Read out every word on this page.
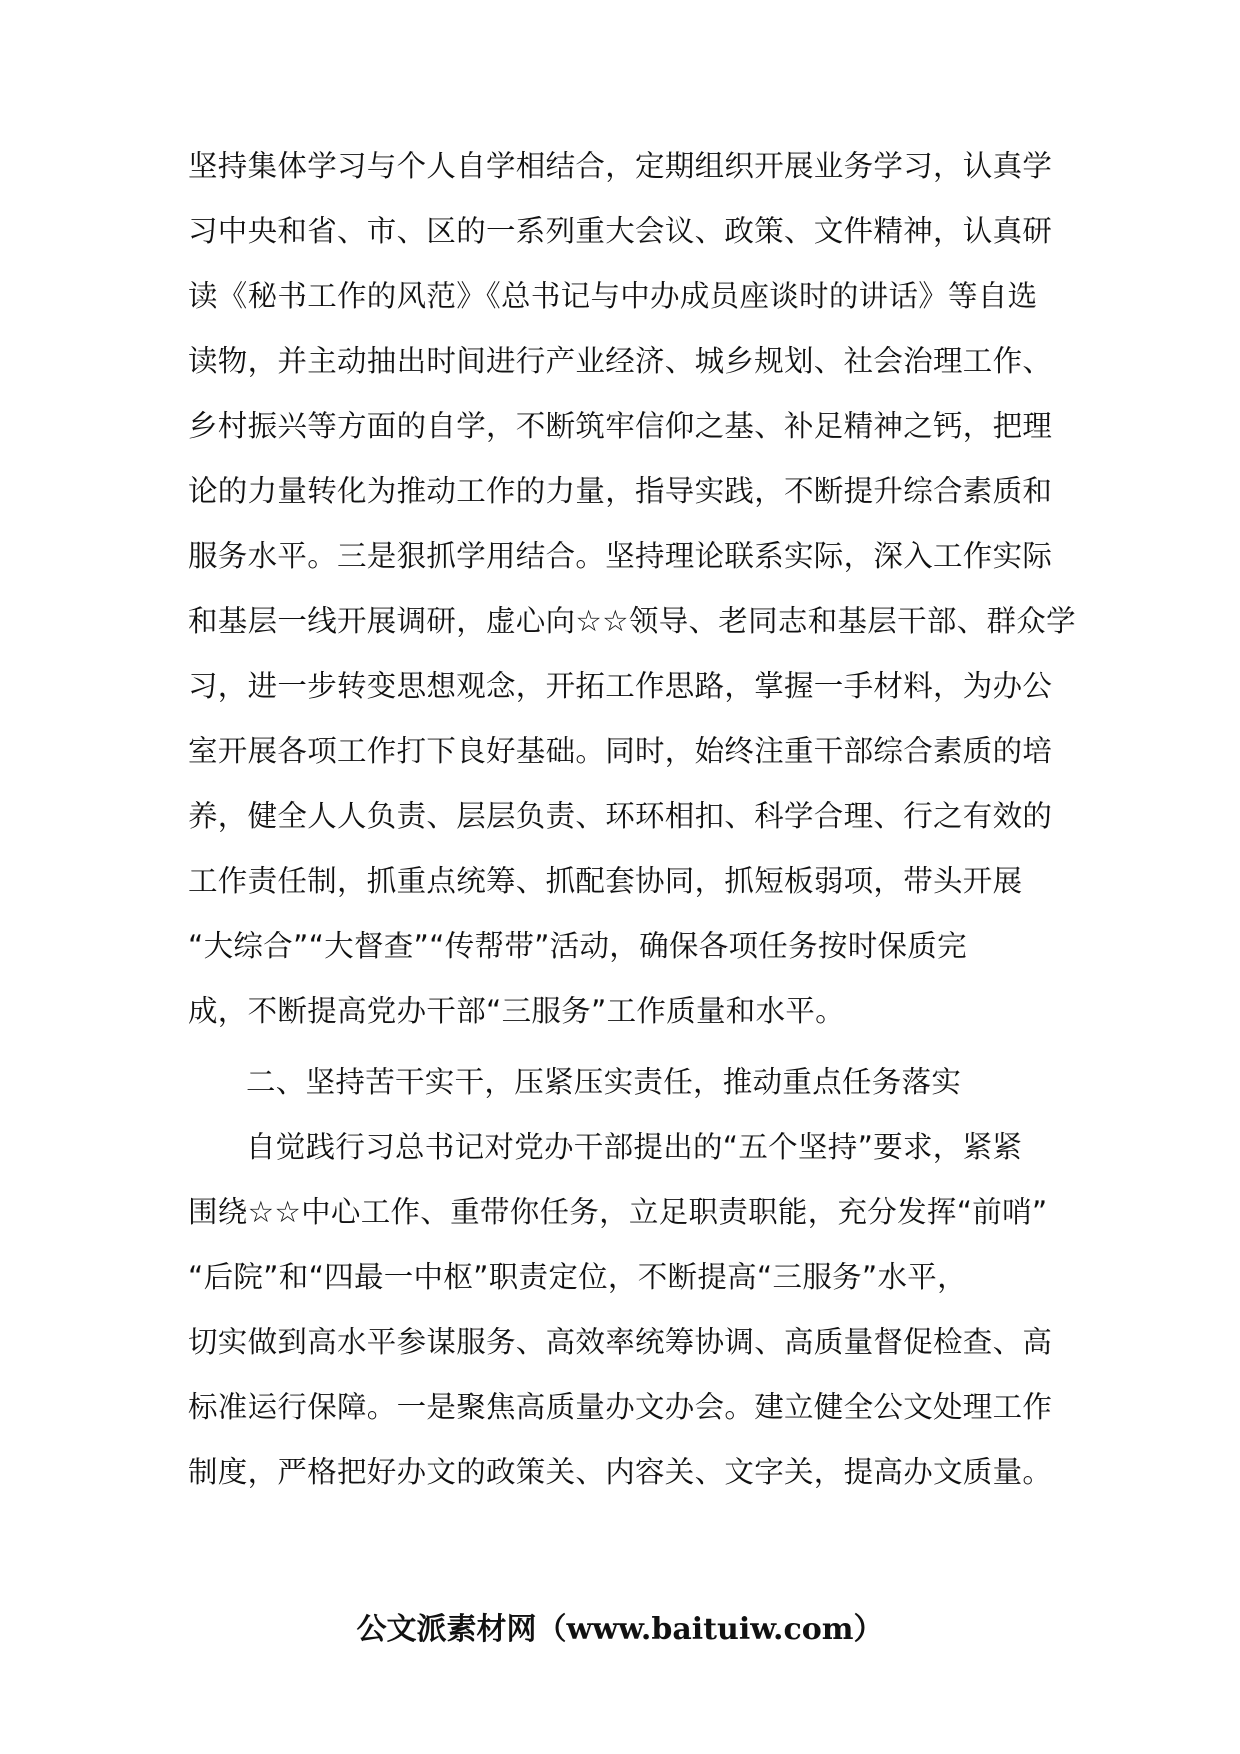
坚持集体学习与个人自学相结合，定期组织开展业务学习，认真学
习中央和省、市、区的一系列重大会议、政策、文件精神，认真研
读《秘书工作的风范》《总书记与中办成员座谈时的讲话》等自选
读物，并主动抽出时间进行产业经济、城乡规划、社会治理工作、
乡村振兴等方面的自学，不断筑牢信仰之基、补足精神之钙，把理
论的力量转化为推动工作的力量，指导实践，不断提升综合素质和
服务水平。三是狠抓学用结合。坚持理论联系实际，深入工作实际
和基层一线开展调研，虚心向☆☆领导、老同志和基层干部、群众学
习，进一步转变思想观念，开拓工作思路，掌握一手材料，为办公
室开展各项工作打下良好基础。同时，始终注重干部综合素质的培
养，健全人人负责、层层负责、环环相扣、科学合理、行之有效的
工作责任制，抓重点统筹、抓配套协同，抓短板弱项，带头开展
“大综合”“大督查”“传帮带”活动，确保各项任务按时保质完
成，不断提高党办干部“三服务”工作质量和水平。
二、坚持苦干实干，压紧压实责任，推动重点任务落实
自觉践行习总书记对党办干部提出的“五个坚持”要求，紧紧
围绕☆☆中心工作、重带你任务，立足职责职能，充分发挥“前哨”
“后院”和“四最一中枢”职责定位，不断提高“三服务”水平，
切实做到高水平参谋服务、高效率统筹协调、高质量督促检查、高
标准运行保障。一是聚焦高质量办文办会。建立健全公文处理工作
制度，严格把好办文的政策关、内容关、文字关，提高办文质量。
公文派素材网（www.baituiw.com）
